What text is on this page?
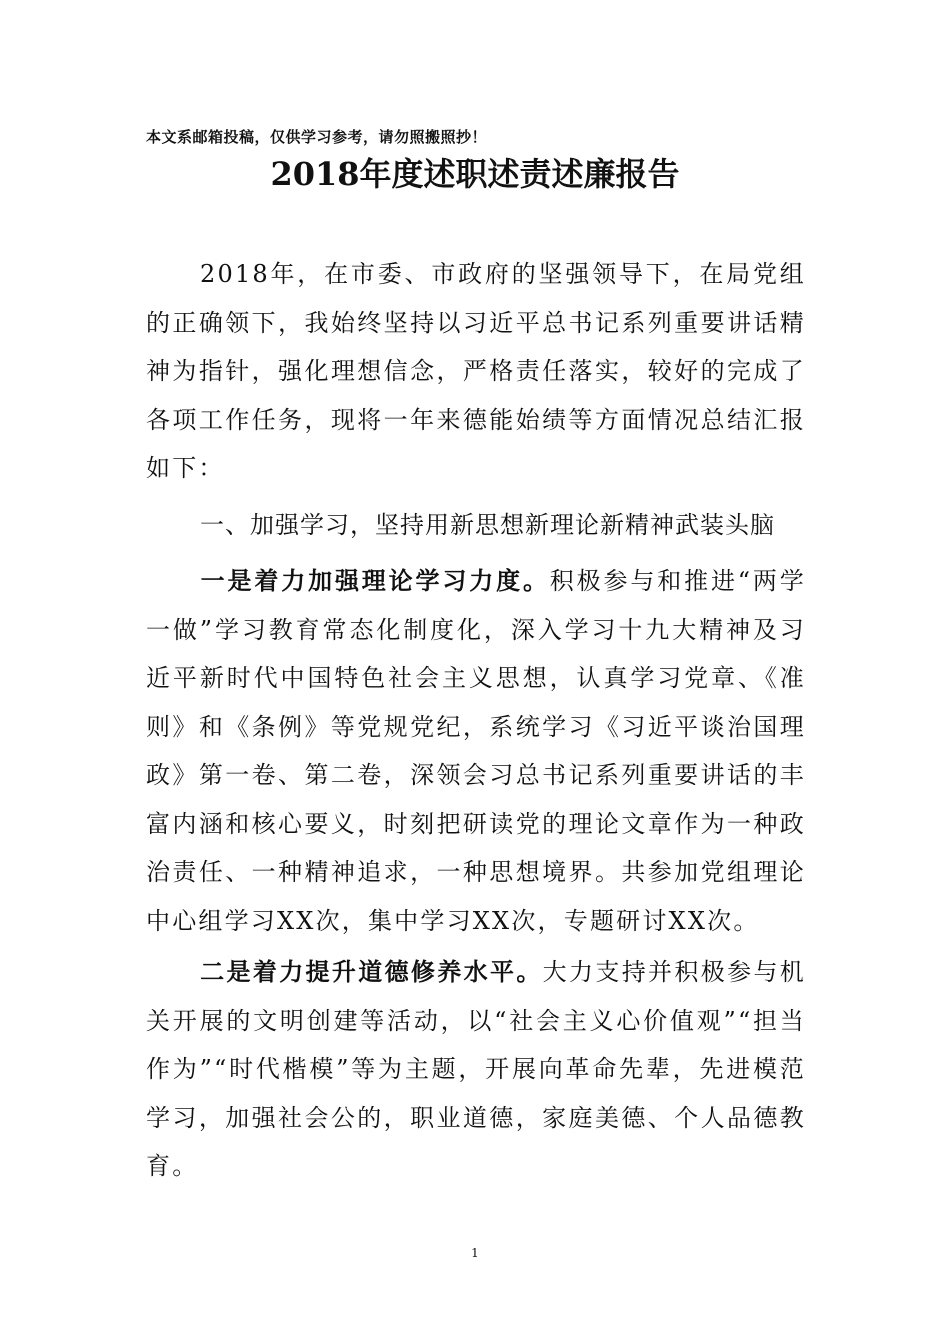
本文系邮箱投稿，仅供学习参考，请勿照搬照抄！
2018年度述职述责述廉报告

2018年，在市委、市政府的坚强领导下，在局党组的正确领下，我始终坚持以习近平总书记系列重要讲话精神为指针，强化理想信念，严格责任落实，较好的完成了各项工作任务，现将一年来德能始绩等方面情况总结汇报如下：

一、加强学习，坚持用新思想新理论新精神武装头脑

一是着力加强理论学习力度。积极参与和推进“两学一做”学习教育常态化制度化，深入学习十九大精神及习近平新时代中国特色社会主义思想，认真学习党章、《准则》和《条例》等党规党纪，系统学习《习近平谈治国理政》第一卷、第二卷，深领会习总书记系列重要讲话的丰富内涵和核心要义，时刻把研读党的理论文章作为一种政治责任、一种精神追求，一种思想境界。共参加党组理论中心组学习XX次，集中学习XX次，专题研讨XX次。

二是着力提升道德修养水平。大力支持并积极参与机关开展的文明创建等活动，以“社会主义心价值观”“担当作为”“时代楷模”等为主题，开展向革命先辈，先进模范学习，加强社会公的，职业道德，家庭美德、个人品德教育。

1
